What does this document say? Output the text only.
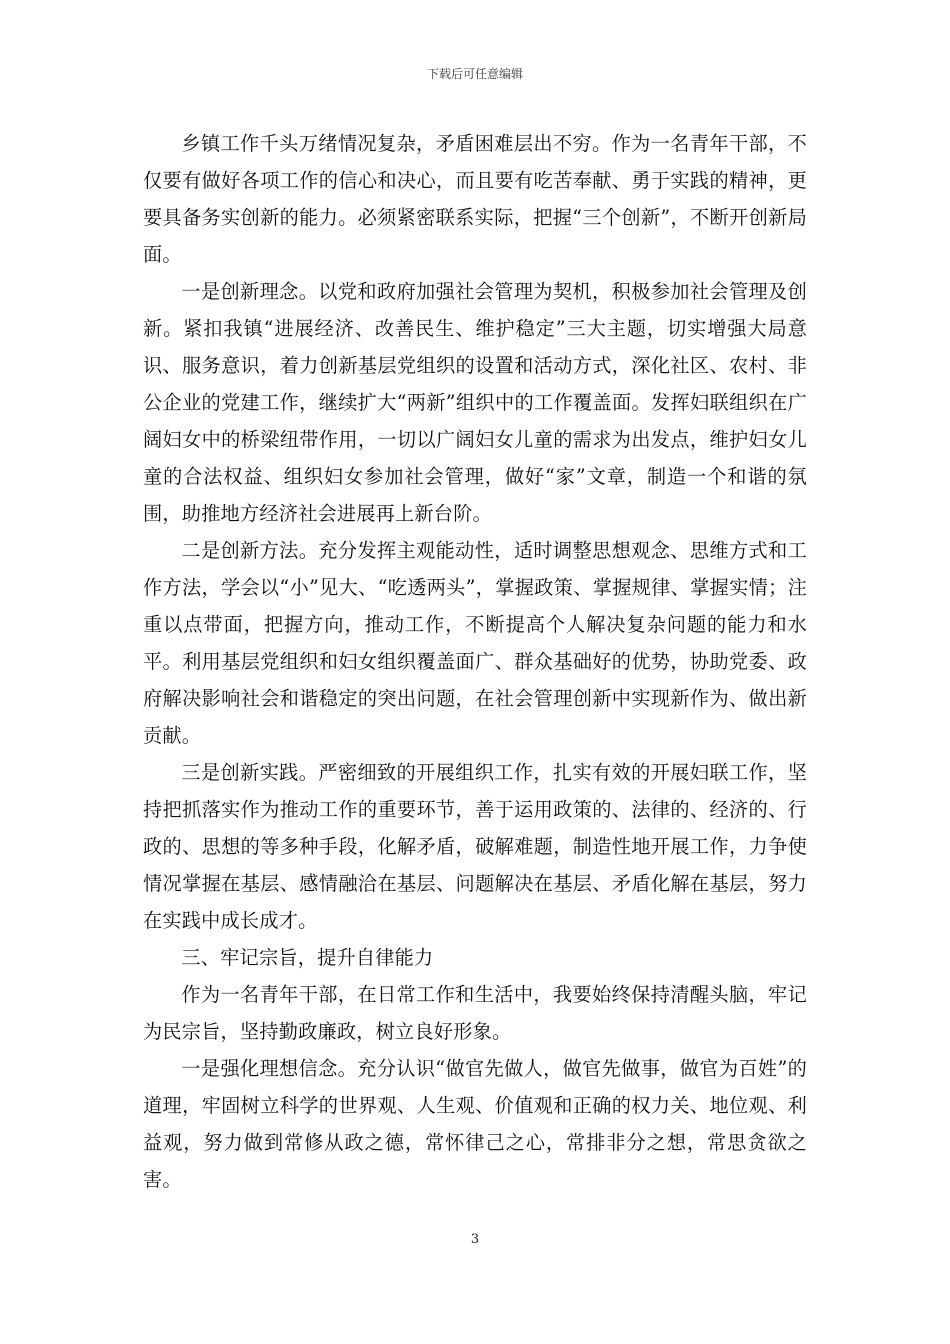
下载后可任意编辑

乡镇工作千头万绪情况复杂，矛盾困难层出不穷。作为一名青年干部，不仅要有做好各项工作的信心和决心，而且要有吃苦奉献、勇于实践的精神，更要具备务实创新的能力。必须紧密联系实际，把握“三个创新”，不断开创新局面。

一是创新理念。以党和政府加强社会管理为契机，积极参加社会管理及创新。紧扣我镇“进展经济、改善民生、维护稳定”三大主题，切实增强大局意识、服务意识，着力创新基层党组织的设置和活动方式，深化社区、农村、非公企业的党建工作，继续扩大“两新”组织中的工作覆盖面。发挥妇联组织在广阔妇女中的桥梁纽带作用，一切以广阔妇女儿童的需求为出发点，维护妇女儿童的合法权益、组织妇女参加社会管理，做好“家”文章，制造一个和谐的氛围，助推地方经济社会进展再上新台阶。

二是创新方法。充分发挥主观能动性，适时调整思想观念、思维方式和工作方法，学会以“小”见大、“吃透两头”，掌握政策、掌握规律、掌握实情；注重以点带面，把握方向，推动工作，不断提高个人解决复杂问题的能力和水平。利用基层党组织和妇女组织覆盖面广、群众基础好的优势，协助党委、政府解决影响社会和谐稳定的突出问题，在社会管理创新中实现新作为、做出新贡献。

三是创新实践。严密细致的开展组织工作，扎实有效的开展妇联工作，坚持把抓落实作为推动工作的重要环节，善于运用政策的、法律的、经济的、行政的、思想的等多种手段，化解矛盾，破解难题，制造性地开展工作，力争使情况掌握在基层、感情融洽在基层、问题解决在基层、矛盾化解在基层，努力在实践中成长成才。

三、牢记宗旨，提升自律能力

作为一名青年干部，在日常工作和生活中，我要始终保持清醒头脑，牢记为民宗旨，坚持勤政廉政，树立良好形象。

一是强化理想信念。充分认识“做官先做人，做官先做事，做官为百姓”的道理，牢固树立科学的世界观、人生观、价值观和正确的权力关、地位观、利益观，努力做到常修从政之德，常怀律己之心，常排非分之想，常思贪欲之害。

3
